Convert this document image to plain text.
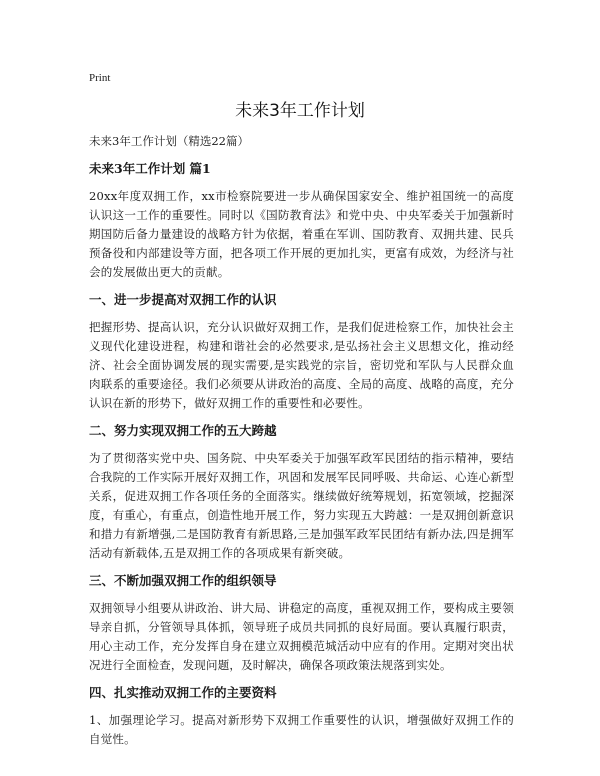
Print
未来3年工作计划

未来3年工作计划（精选22篇）

未来3年工作计划 篇1

20xx年度双拥工作，xx市检察院要进一步从确保国家安全、维护祖国统一的高度认识这一工作的重要性。同时以《国防教育法》和党中央、中央军委关于加强新时期国防后备力量建设的战略方针为依据，着重在军训、国防教育、双拥共建、民兵预备役和内部建设等方面，把各项工作开展的更加扎实，更富有成效，为经济与社会的发展做出更大的贡献。

一、进一步提高对双拥工作的认识

把握形势、提高认识，充分认识做好双拥工作，是我们促进检察工作，加快社会主义现代化建设进程，构建和谐社会的必然要求,是弘扬社会主义思想文化，推动经济、社会全面协调发展的现实需要,是实践党的宗旨，密切党和军队与人民群众血肉联系的重要途径。我们必须要从讲政治的高度、全局的高度、战略的高度，充分认识在新的形势下，做好双拥工作的重要性和必要性。

二、努力实现双拥工作的五大跨越

为了贯彻落实党中央、国务院、中央军委关于加强军政军民团结的指示精神，要结合我院的工作实际开展好双拥工作，巩固和发展军民同呼吸、共命运、心连心新型关系，促进双拥工作各项任务的全面落实。继续做好统筹规划，拓宽领域，挖掘深度，有重心，有重点，创造性地开展工作，努力实现五大跨越：一是双拥创新意识和措力有新增强,二是国防教育有新思路,三是加强军政军民团结有新办法,四是拥军活动有新载体,五是双拥工作的各项成果有新突破。

三、不断加强双拥工作的组织领导

双拥领导小组要从讲政治、讲大局、讲稳定的高度，重视双拥工作，要构成主要领导亲自抓，分管领导具体抓，领导班子成员共同抓的良好局面。要认真履行职责，用心主动工作，充分发挥自身在建立双拥模范城活动中应有的作用。定期对突出状况进行全面检查，发现问题，及时解决，确保各项政策法规落到实处。

四、扎实推动双拥工作的主要资料

1、加强理论学习。提高对新形势下双拥工作重要性的认识，增强做好双拥工作的自觉性。
